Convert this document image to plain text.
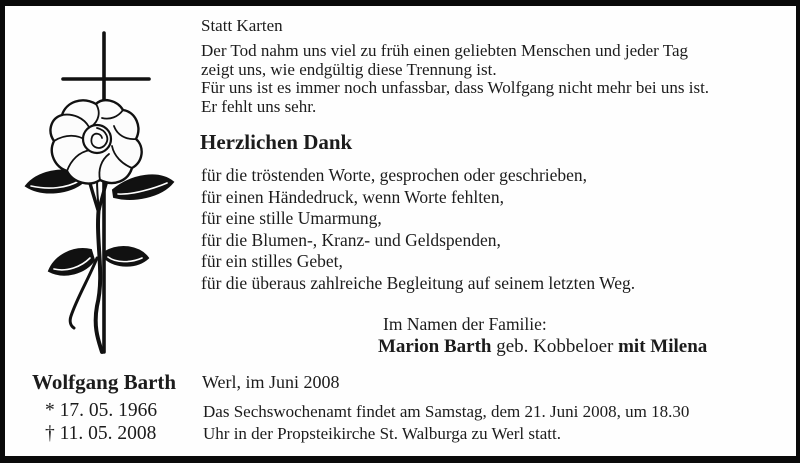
Statt Karten
Der Tod nahm uns viel zu früh einen geliebten Menschen und jeder Tag
zeigt uns, wie endgültig diese Trennung ist.
Für uns ist es immer noch unfassbar, dass Wolfgang nicht mehr bei uns ist.
Er fehlt uns sehr.
Herzlichen Dank
für die tröstenden Worte, gesprochen oder geschrieben,
für einen Händedruck, wenn Worte fehlten,
für eine stille Umarmung,
für die Blumen-, Kranz- und Geldspenden,
für ein stilles Gebet,
für die überaus zahlreiche Begleitung auf seinem letzten Weg.
Im Namen der Familie:
Marion Barth geb. Kobbeloer mit Milena
Wolfgang Barth
* 17. 05. 1966
† 11. 05. 2008
Werl, im Juni 2008
Das Sechswochenamt findet am Samstag, dem 21. Juni 2008, um 18.30
Uhr in der Propsteikirche St. Walburga zu Werl statt.
